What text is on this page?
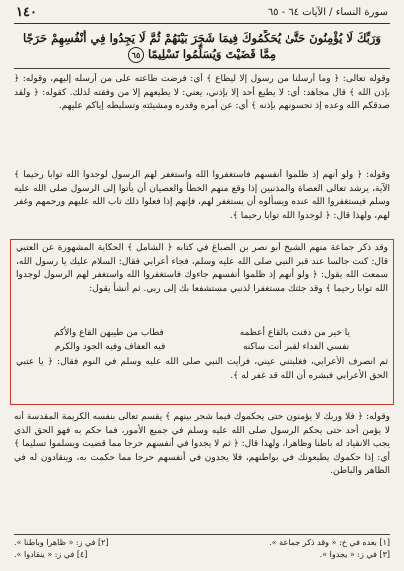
سورة النساء / الآيات ٦٤ - ٦٥
١٤٠
وَرَبِّكَ لَا يُؤْمِنُونَ حَتَّىٰ يُحَكِّمُوكَ فِيمَا شَجَرَ بَيْنَهُمْ ثُمَّ لَا يَجِدُوا فِي أَنْفُسِهِمْ حَرَجًا مِمَّا قَضَيْتَ وَيُسَلِّمُوا تَسْلِيمًا ٦٥

وقوله تعالى: ﴿ وما أرسلنا من رسول إلا ليطاع ﴾ أي: فرضت طاعته على من أرسله إليهم، وقوله: ﴿ بإذن الله ﴾ قال مجاهد: أي: لا يطيع أحد إلا بإذني، يعني: لا يطيعهم إلا من وفقته لذلك. كقوله: ﴿ ولقد صدقكم الله وعده إذ تحسونهم بإذنه ﴾ أي: عن أمره وقدره ومشيئته وتسليطه إياكم عليهم.

وقوله: ﴿ ولو أنهم إذ ظلموا أنفسهم فاستغفروا الله واستغفر لهم الرسول لوجدوا الله توابا رحيما ﴾ الآية، يرشد تعالى العصاة والمذنبين إذا وقع منهم الخطأ والعصيان أن يأتوا إلى الرسول صلى الله عليه وسلم فيستغفروا الله عنده ويسألوه أن يستغفر لهم، فإنهم إذا فعلوا ذلك تاب الله عليهم ورحمهم وغفر لهم، ولهذا قال: ﴿ لوجدوا الله توابا رحيما ﴾.

وقد ذكر جماعة منهم الشيخ أبو نصر بن الصباغ في كتابه ﴿ الشامل ﴾ الحكاية المشهورة عن العتبي قال: كنت جالسا عند قبر النبي صلى الله عليه وسلم، فجاء أعرابي فقال: السلام عليك يا رسول الله، سمعت الله يقول: ﴿ ولو أنهم إذ ظلموا أنفسهم جاءوك فاستغفروا الله واستغفر لهم الرسول لوجدوا الله توابا رحيما ﴾ وقد جئتك مستغفرا لذنبي مستشفعا بك إلى ربي. ثم أنشأ يقول:

يا خير من دفنت بالقاع أعظمه
فطاب من طيبهن القاع والأكم
نفسي الفداء لقبر أنت ساكنه
فيه العفاف وفيه الجود والكرم

ثم انصرف الأعرابي، فغلبتني عيني، فرأيت النبي صلى الله عليه وسلم في النوم فقال: ﴿ يا عتبي الحق الأعرابي فبشره أن الله قد غفر له ﴾.

وقوله: ﴿ فلا وربك لا يؤمنون حتى يحكموك فيما شجر بينهم ﴾ يقسم تعالى بنفسه الكريمة المقدسة أنه لا يؤمن أحد حتى يحكم الرسول صلى الله عليه وسلم في جميع الأمور، فما حكم به فهو الحق الذي يجب الانقياد له باطنا وظاهرا، ولهذا قال: ﴿ ثم لا يجدوا في أنفسهم حرجا مما قضيت ويسلموا تسليما ﴾ أي: إذا حكموك يطيعونك في بواطنهم، فلا يجدون في أنفسهم حرجا مما حكمت به، وينقادون له في الظاهر والباطن.

[١] بعده في خ: « وقد ذكر جماعة ».
[٢] في ز: « ظاهرا وباطنا ».
[٣] في ز: « يجدوا ».
[٤] في ز: « ينقادوا ».
